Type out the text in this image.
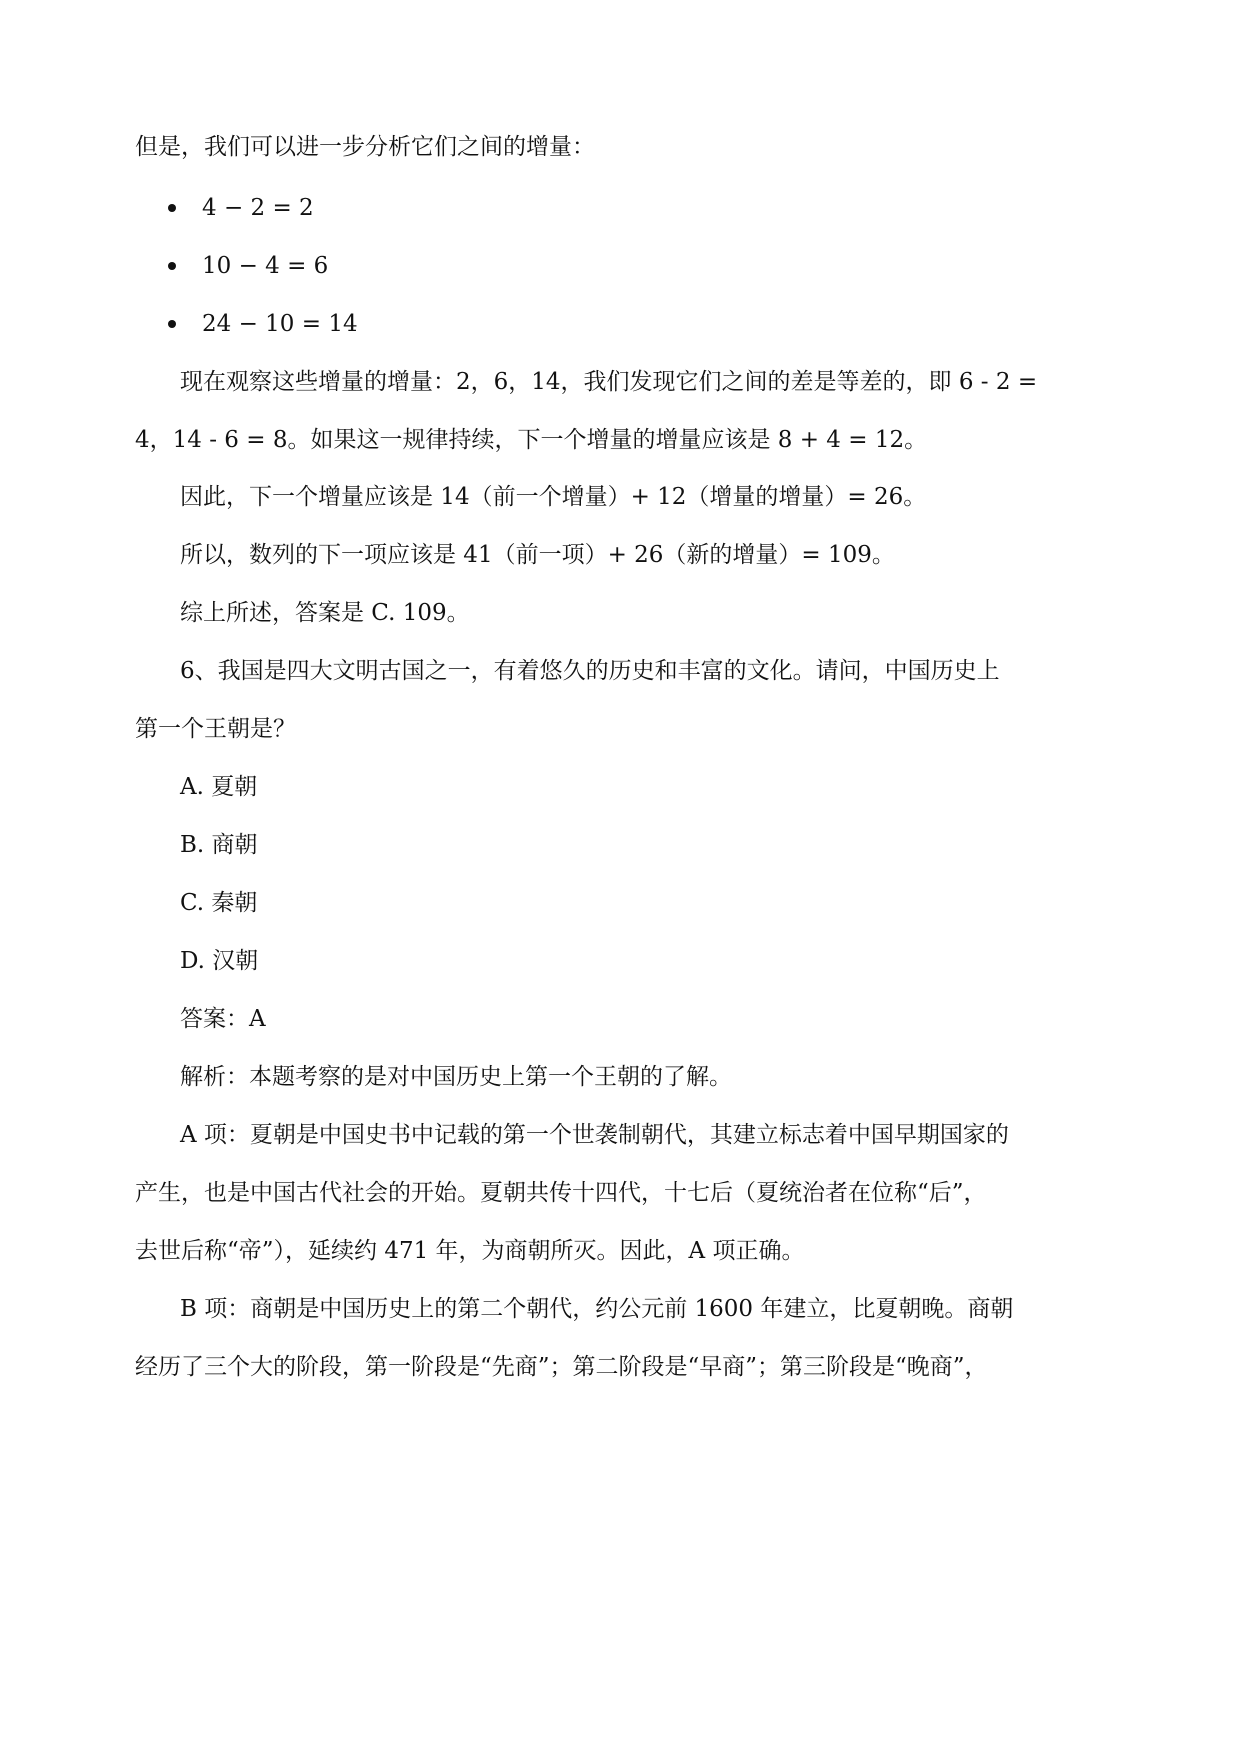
但是，我们可以进一步分析它们之间的增量：
4 − 2 = 2
10 − 4 = 6
24 − 10 = 14
现在观察这些增量的增量：2，6，14，我们发现它们之间的差是等差的，即 6 - 2 =
4，14 - 6 = 8。如果这一规律持续，下一个增量的增量应该是 8 + 4 = 12。
因此，下一个增量应该是 14（前一个增量）+ 12（增量的增量）= 26。
所以，数列的下一项应该是 41（前一项）+ 26（新的增量）= 109。
综上所述，答案是 C. 109。
6、我国是四大文明古国之一，有着悠久的历史和丰富的文化。请问，中国历史上
第一个王朝是？
A. 夏朝
B. 商朝
C. 秦朝
D. 汉朝
答案：A
解析：本题考察的是对中国历史上第一个王朝的了解。
A 项：夏朝是中国史书中记载的第一个世袭制朝代，其建立标志着中国早期国家的
产生，也是中国古代社会的开始。夏朝共传十四代，十七后（夏统治者在位称“后”，
去世后称“帝”），延续约 471 年，为商朝所灭。因此，A 项正确。
B 项：商朝是中国历史上的第二个朝代，约公元前 1600 年建立，比夏朝晚。商朝
经历了三个大的阶段，第一阶段是“先商”；第二阶段是“早商”；第三阶段是“晚商”，
